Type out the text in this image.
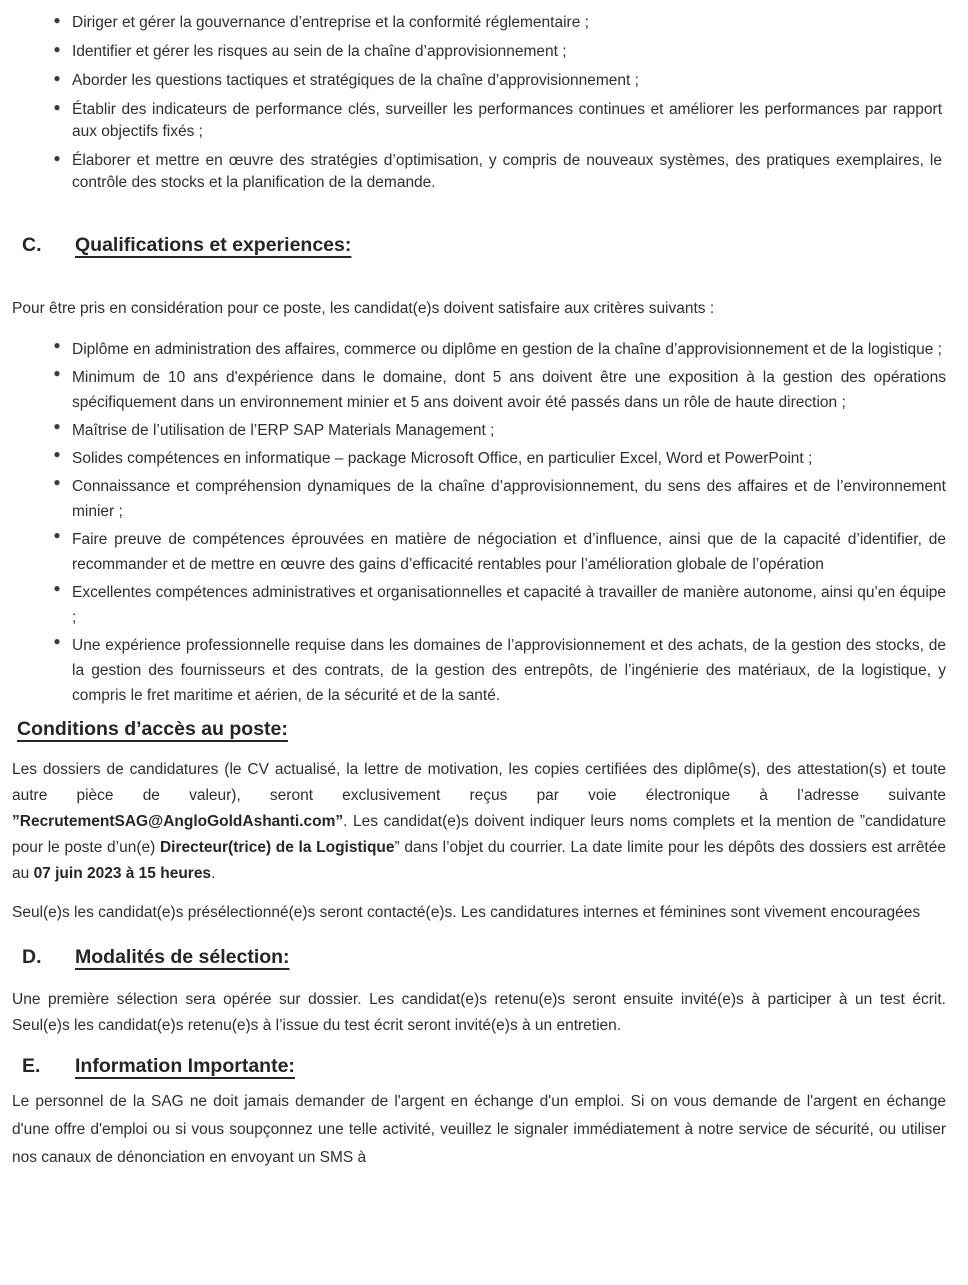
● Diriger et gérer la gouvernance d’entreprise et la conformité réglementaire ;
● Identifier et gérer les risques au sein de la chaîne d’approvisionnement ;
● Aborder les questions tactiques et stratégiques de la chaîne d’approvisionnement ;
● Établir des indicateurs de performance clés, surveiller les performances continues et améliorer les performances par rapport aux objectifs fixés ;
● Élaborer et mettre en œuvre des stratégies d’optimisation, y compris de nouveaux systèmes, des pratiques exemplaires, le contrôle des stocks et la planification de la demande.
C.	Qualifications et experiences:

Pour être pris en considération pour ce poste, les candidat(e)s doivent satisfaire aux critères suivants :

● Diplôme en administration des affaires, commerce ou diplôme en gestion de la chaîne d’approvisionnement et de la logistique ;
● Minimum de 10 ans d'expérience dans le domaine, dont 5 ans doivent être une exposition à la gestion des opérations spécifiquement dans un environnement minier et 5 ans doivent avoir été passés dans un rôle de haute direction ;
● Maîtrise de l’utilisation de l’ERP SAP Materials Management ;
● Solides compétences en informatique – package Microsoft Office, en particulier Excel, Word et PowerPoint ;
● Connaissance et compréhension dynamiques de la chaîne d’approvisionnement, du sens des affaires et de l’environnement minier ;
● Faire preuve de compétences éprouvées en matière de négociation et d’influence, ainsi que de la capacité d’identifier, de recommander et de mettre en œuvre des gains d’efficacité rentables pour l’amélioration globale de l’opération
● Excellentes compétences administratives et organisationnelles et capacité à travailler de manière autonome, ainsi qu’en équipe ;
● Une expérience professionnelle requise dans les domaines de l’approvisionnement et des achats, de la gestion des stocks, de la gestion des fournisseurs et des contrats, de la gestion des entrepôts, de l’ingénierie des matériaux, de la logistique, y compris le fret maritime et aérien, de la sécurité et de la santé.
Conditions d’accès au poste:

Les dossiers de candidatures (le CV actualisé, la lettre de motivation, les copies certifiées des diplôme(s), des attestation(s) et toute autre pièce de valeur), seront exclusivement reçus par voie électronique à l’adresse suivante ”RecrutementSAG@AngloGoldAshanti.com”. Les candidat(e)s doivent indiquer leurs noms complets et la mention de ”candidature pour le poste d’un(e) Directeur(trice) de la Logistique” dans l’objet du courrier. La date limite pour les dépôts des dossiers est arrêtée au 07 juin 2023 à 15 heures.

Seul(e)s les candidat(e)s présélectionné(e)s seront contacté(e)s. Les candidatures internes et féminines sont vivement encouragées

D.	Modalités de sélection:

Une première sélection sera opérée sur dossier. Les candidat(e)s retenu(e)s seront ensuite invité(e)s à participer à un test écrit. Seul(e)s les candidat(e)s retenu(e)s à l’issue du test écrit seront invité(e)s à un entretien.

E.	Information Importante:

Le personnel de la SAG ne doit jamais demander de l'argent en échange d'un emploi. Si on vous demande de l'argent en échange d'une offre d'emploi ou si vous soupçonnez une telle activité, veuillez le signaler immédiatement à notre service de sécurité, ou utiliser nos canaux de dénonciation en envoyant un SMS à
